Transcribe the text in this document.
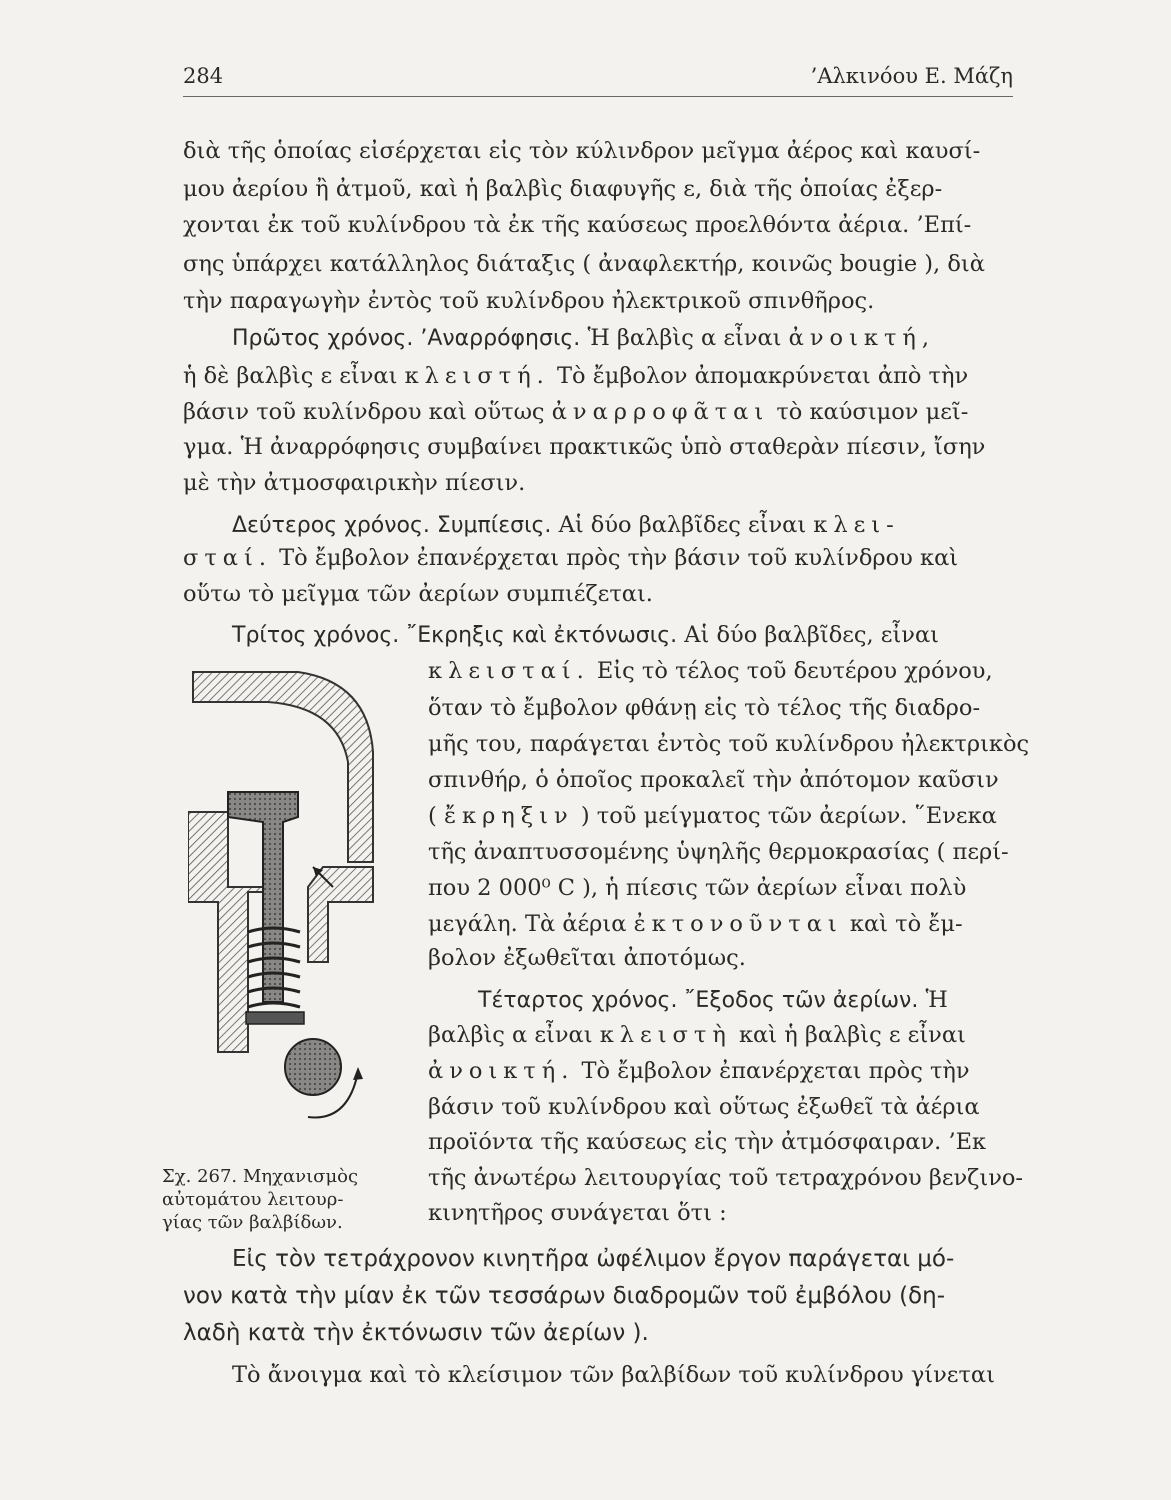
284	’Αλκινόου Ε. Μάζη
διὰ τῆς ὁποίας εἰσέρχεται εἰς τὸν κύλινδρον μεῖγμα ἀέρος καὶ καυσί-
μου ἀερίου ἢ ἀτμοῦ, καὶ ἡ βαλβὶς διαφυγῆς ε, διὰ τῆς ὁποίας ἐξερ-
χονται ἐκ τοῦ κυλίνδρου τὰ ἐκ τῆς καύσεως προελθόντα ἀέρια. ’Επί-
σης ὑπάρχει κατάλληλος διάταξις ( ἀναφλεκτήρ, κοινῶς bougie ), διὰ
τὴν παραγωγὴν ἐντὸς τοῦ κυλίνδρου ἠλεκτρικοῦ σπινθῆρος.
Πρῶτος χρόνος. ’Αναρρόφησις. Ἡ βαλβὶς α εἶναι ἀνοικτή,
ἡ δὲ βαλβὶς ε εἶναι κλειστή. Τὸ ἔμβολον ἀπομακρύνεται ἀπὸ τὴν
βάσιν τοῦ κυλίνδρου καὶ οὕτως ἀναρροφᾶται τὸ καύσιμον μεῖ-
γμα. Ἡ ἀναρρόφησις συμβαίνει πρακτικῶς ὑπὸ σταθερὰν πίεσιν, ἴσην
μὲ τὴν ἀτμοσφαιρικὴν πίεσιν.
Δεύτερος χρόνος. Συμπίεσις. Αἱ δύο βαλβῖδες εἶναι κλει-
σταί. Τὸ ἔμβολον ἐπανέρχεται πρὸς τὴν βάσιν τοῦ κυλίνδρου καὶ
οὕτω τὸ μεῖγμα τῶν ἀερίων συμπιέζεται.
Τρίτος χρόνος. ῎Εκρηξις καὶ ἐκτόνωσις. Αἱ δύο βαλβῖδες, εἶναι
κλεισταί. Εἰς τὸ τέλος τοῦ δευτέρου χρόνου,
ὅταν τὸ ἔμβολον φθάνῃ εἰς τὸ τέλος τῆς διαδρο-
μῆς του, παράγεται ἐντὸς τοῦ κυλίνδρου ἠλεκτρικὸς
σπινθήρ, ὁ ὁποῖος προκαλεῖ τὴν ἀπότομον καῦσιν
( ἔκρηξιν ) τοῦ μείγματος τῶν ἀερίων. ῞Ενεκα
τῆς ἀναπτυσσομένης ὑψηλῆς θερμοκρασίας ( περί-
που 2 000⁰ C ), ἡ πίεσις τῶν ἀερίων εἶναι πολὺ
μεγάλη. Τὰ ἀέρια ἐκτονοῦνται καὶ τὸ ἔμ-
βολον ἐξωθεῖται ἀποτόμως.
Τέταρτος χρόνος. ῎Εξοδος τῶν ἀερίων. Ἡ
βαλβὶς α εἶναι κλειστὴ καὶ ἡ βαλβὶς ε εἶναι
ἀνοικτή. Τὸ ἔμβολον ἐπανέρχεται πρὸς τὴν
βάσιν τοῦ κυλίνδρου καὶ οὕτως ἐξωθεῖ τὰ ἀέρια
προϊόντα τῆς καύσεως εἰς τὴν ἀτμόσφαιραν. ’Εκ
τῆς ἀνωτέρω λειτουργίας τοῦ τετραχρόνου βενζινο-
κινητῆρος συνάγεται ὅτι :
Σχ. 267. Μηχανισμὸς
αὐτομάτου λειτουρ-
γίας τῶν βαλβίδων.
Εἰς τὸν τετράχρονον κινητῆρα ὠφέλιμον ἔργον παράγεται μό-
νον κατὰ τὴν μίαν ἐκ τῶν τεσσάρων διαδρομῶν τοῦ ἐμβόλου (δη-
λαδὴ κατὰ τὴν ἐκτόνωσιν τῶν ἀερίων ).
Τὸ ἄνοιγμα καὶ τὸ κλείσιμον τῶν βαλβίδων τοῦ κυλίνδρου γίνεται
